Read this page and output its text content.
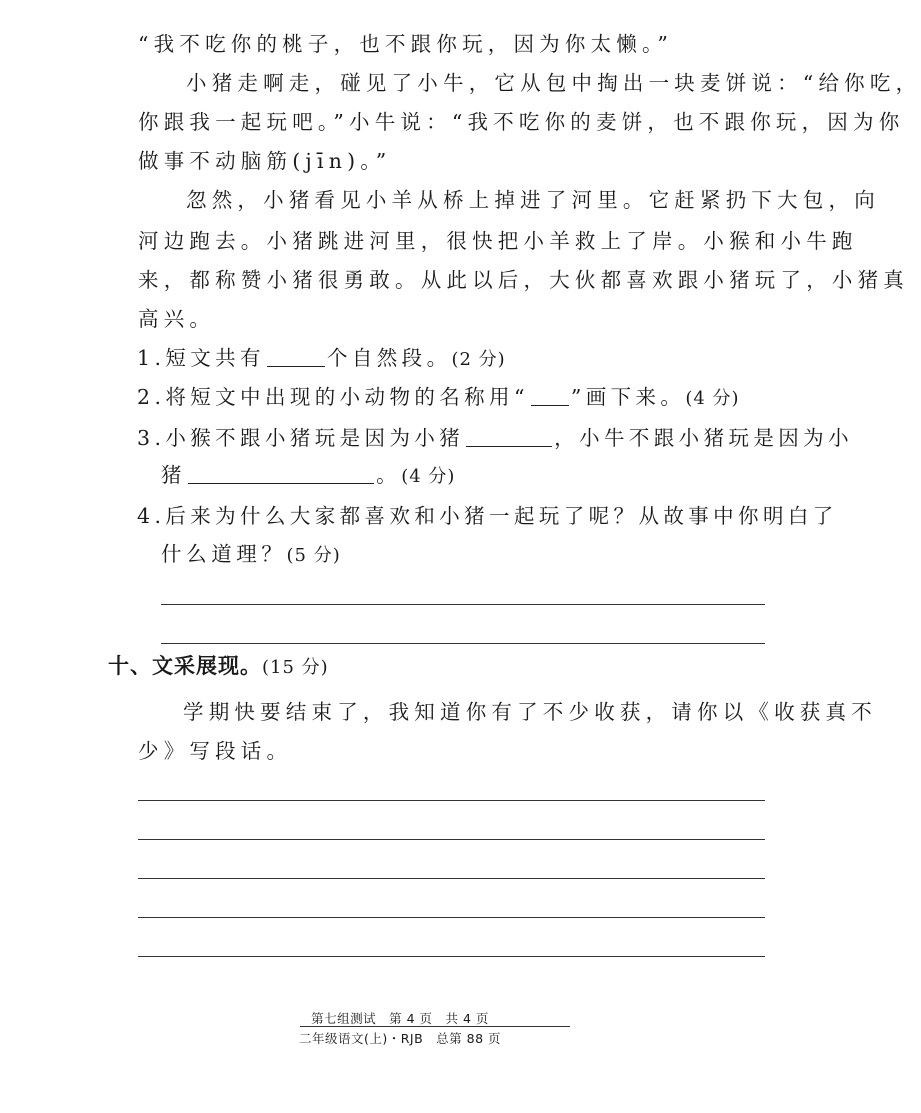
“我不吃你的桃子，也不跟你玩，因为你太懒。”
小猪走啊走，碰见了小牛，它从包中掏出一块麦饼说：“给你吃，
你跟我一起玩吧。”小牛说：“我不吃你的麦饼，也不跟你玩，因为你
做事不动脑筋(jīn)。”
忽然，小猪看见小羊从桥上掉进了河里。它赶紧扔下大包，向
河边跑去。小猪跳进河里，很快把小羊救上了岸。小猴和小牛跑
来，都称赞小猪很勇敢。从此以后，大伙都喜欢跟小猪玩了，小猪真
高兴。
1.短文共有	个自然段。(2 分)
2.将短文中出现的小动物的名称用“ ”画下来。(4 分)
3.小猴不跟小猪玩是因为小猪	，小牛不跟小猪玩是因为小
猪	。(4 分)
4.后来为什么大家都喜欢和小猪一起玩了呢？从故事中你明白了
什么道理？(5 分)
十、文采展现。(15 分)
学期快要结束了，我知道你有了不少收获，请你以《收获真不
少》写段话。
第七组测试　第 4 页　共 4 页
二年级语文(上)・RJB　总第 88 页
